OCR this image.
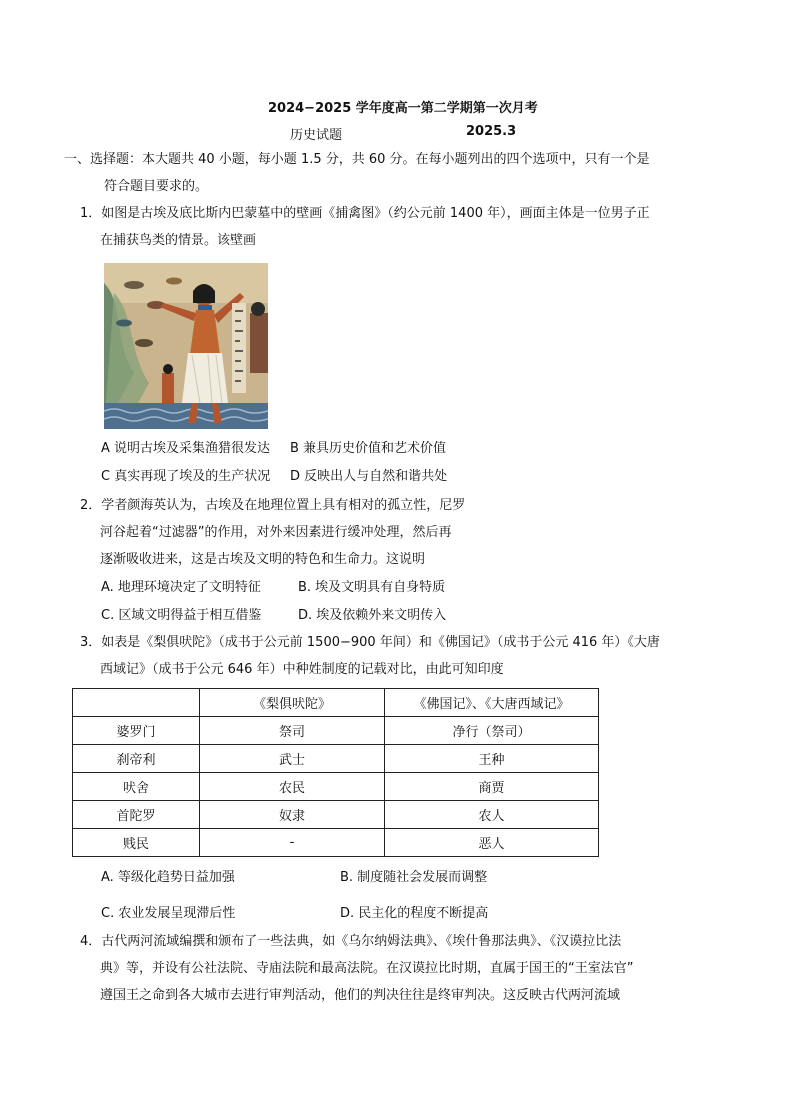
2024−2025 学年度高一第二学期第一次月考
历史试题	2025.3
一、选择题：本大题共 40 小题，每小题 1.5 分，共 60 分。在每小题列出的四个选项中，只有一个是
符合题目要求的。
1．如图是古埃及底比斯内巴蒙墓中的壁画《捕禽图》（约公元前 1400 年），画面主体是一位男子正
在捕获鸟类的情景。该壁画
A 说明古埃及采集渔猎很发达 B 兼具历史价值和艺术价值
C 真实再现了埃及的生产状况 D 反映出人与自然和谐共处
2．学者颜海英认为，古埃及在地理位置上具有相对的孤立性，尼罗
河谷起着“过滤器”的作用，对外来因素进行缓冲处理，然后再
逐渐吸收进来，这是古埃及文明的特色和生命力。这说明
A. 地理环境决定了文明特征	B. 埃及文明具有自身特质
C. 区域文明得益于相互借鉴	D. 埃及依赖外来文明传入
3．如表是《梨俱吠陀》（成书于公元前 1500−900 年间）和《佛国记》（成书于公元 416 年）《大唐
西域记》（成书于公元 646 年）中种姓制度的记载对比，由此可知印度
	《梨俱吠陀》	《佛国记》、《大唐西域记》
婆罗门	祭司	净行（祭司）
刹帝利	武士	王种
吠舍	农民	商贾
首陀罗	奴隶	农人
贱民	-	恶人
A. 等级化趋势日益加强	B. 制度随社会发展而调整
C. 农业发展呈现滞后性	D. 民主化的程度不断提高
4．古代两河流域编撰和颁布了一些法典，如《乌尔纳姆法典》、《埃什鲁那法典》、《汉谟拉比法
典》等，并设有公社法院、寺庙法院和最高法院。在汉谟拉比时期，直属于国王的“王室法官”
遵国王之命到各大城市去进行审判活动，他们的判决往往是终审判决。这反映古代两河流域
